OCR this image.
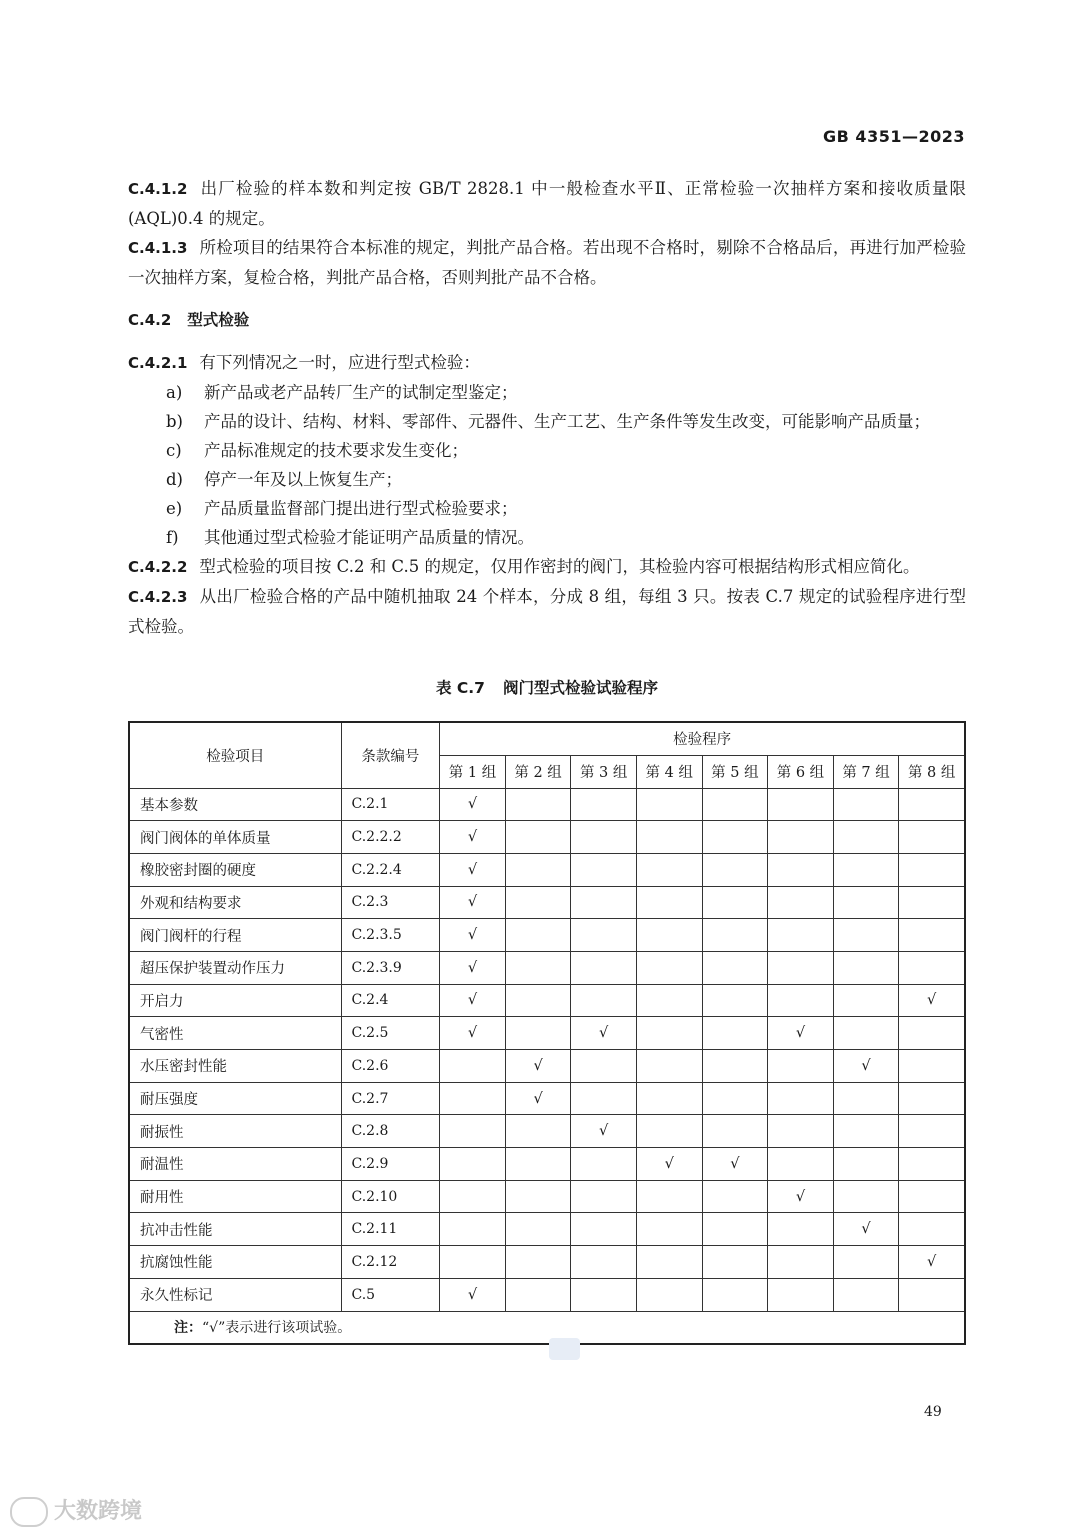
GB 4351—2023

C.4.1.2 出厂检验的样本数和判定按 GB/T 2828.1 中一般检查水平Ⅱ、正常检验一次抽样方案和接收质量限(AQL)0.4 的规定。

C.4.1.3 所检项目的结果符合本标准的规定，判批产品合格。若出现不合格时，剔除不合格品后，再进行加严检验一次抽样方案，复检合格，判批产品合格，否则判批产品不合格。

C.4.2 型式检验

C.4.2.1 有下列情况之一时，应进行型式检验：

a) 新产品或老产品转厂生产的试制定型鉴定；

b) 产品的设计、结构、材料、零部件、元器件、生产工艺、生产条件等发生改变，可能影响产品质量；

c) 产品标准规定的技术要求发生变化；

d) 停产一年及以上恢复生产；

e) 产品质量监督部门提出进行型式检验要求；

f) 其他通过型式检验才能证明产品质量的情况。

C.4.2.2 型式检验的项目按 C.2 和 C.5 的规定，仅用作密封的阀门，其检验内容可根据结构形式相应简化。

C.4.2.3 从出厂检验合格的产品中随机抽取 24 个样本，分成 8 组，每组 3 只。按表 C.7 规定的试验程序进行型式检验。

表 C.7 阀门型式检验试验程序
检验项目	条款编号	检验程序							
		第 1 组	第 2 组	第 3 组	第 4 组	第 5 组	第 6 组	第 7 组	第 8 组
基本参数	C.2.1	√							
阀门阀体的单体质量	C.2.2.2	√							
橡胶密封圈的硬度	C.2.2.4	√							
外观和结构要求	C.2.3	√							
阀门阀杆的行程	C.2.3.5	√							
超压保护装置动作压力	C.2.3.9	√							
开启力	C.2.4	√							√
气密性	C.2.5	√		√			√		
水压密封性能	C.2.6		√					√	
耐压强度	C.2.7		√						
耐振性	C.2.8			√					
耐温性	C.2.9				√	√			
耐用性	C.2.10						√		
抗冲击性能	C.2.11							√	
抗腐蚀性能	C.2.12								√
永久性标记	C.5	√							
注：“√”表示进行该项试验。									
49
大数跨境
